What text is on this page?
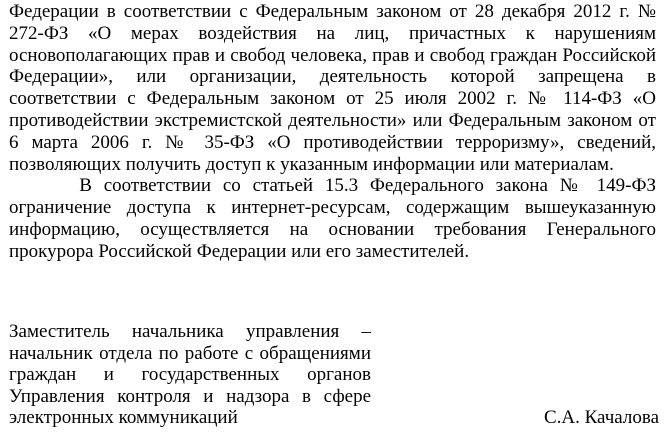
Федерации в соответствии с Федеральным законом от 28 декабря 2012 г. № 272-ФЗ «О мерах воздействия на лиц, причастных к нарушениям основополагающих прав и свобод человека, прав и свобод граждан Российской Федерации», или организации, деятельность которой запрещена в соответствии с Федеральным законом от 25 июля 2002 г. № 114-ФЗ «О противодействии экстремистской деятельности» или Федеральным законом от 6 марта 2006 г. № 35-ФЗ «О противодействии терроризму», сведений, позволяющих получить доступ к указанным информации или материалам.

В соответствии со статьей 15.3 Федерального закона № 149-ФЗ ограничение доступа к интернет-ресурсам, содержащим вышеуказанную информацию, осуществляется на основании требования Генерального прокурора Российской Федерации или его заместителей.

Заместитель начальника управления – начальник отдела по работе с обращениями граждан и государственных органов Управления контроля и надзора в сфере электронных коммуникаций	С.А. Качалова
